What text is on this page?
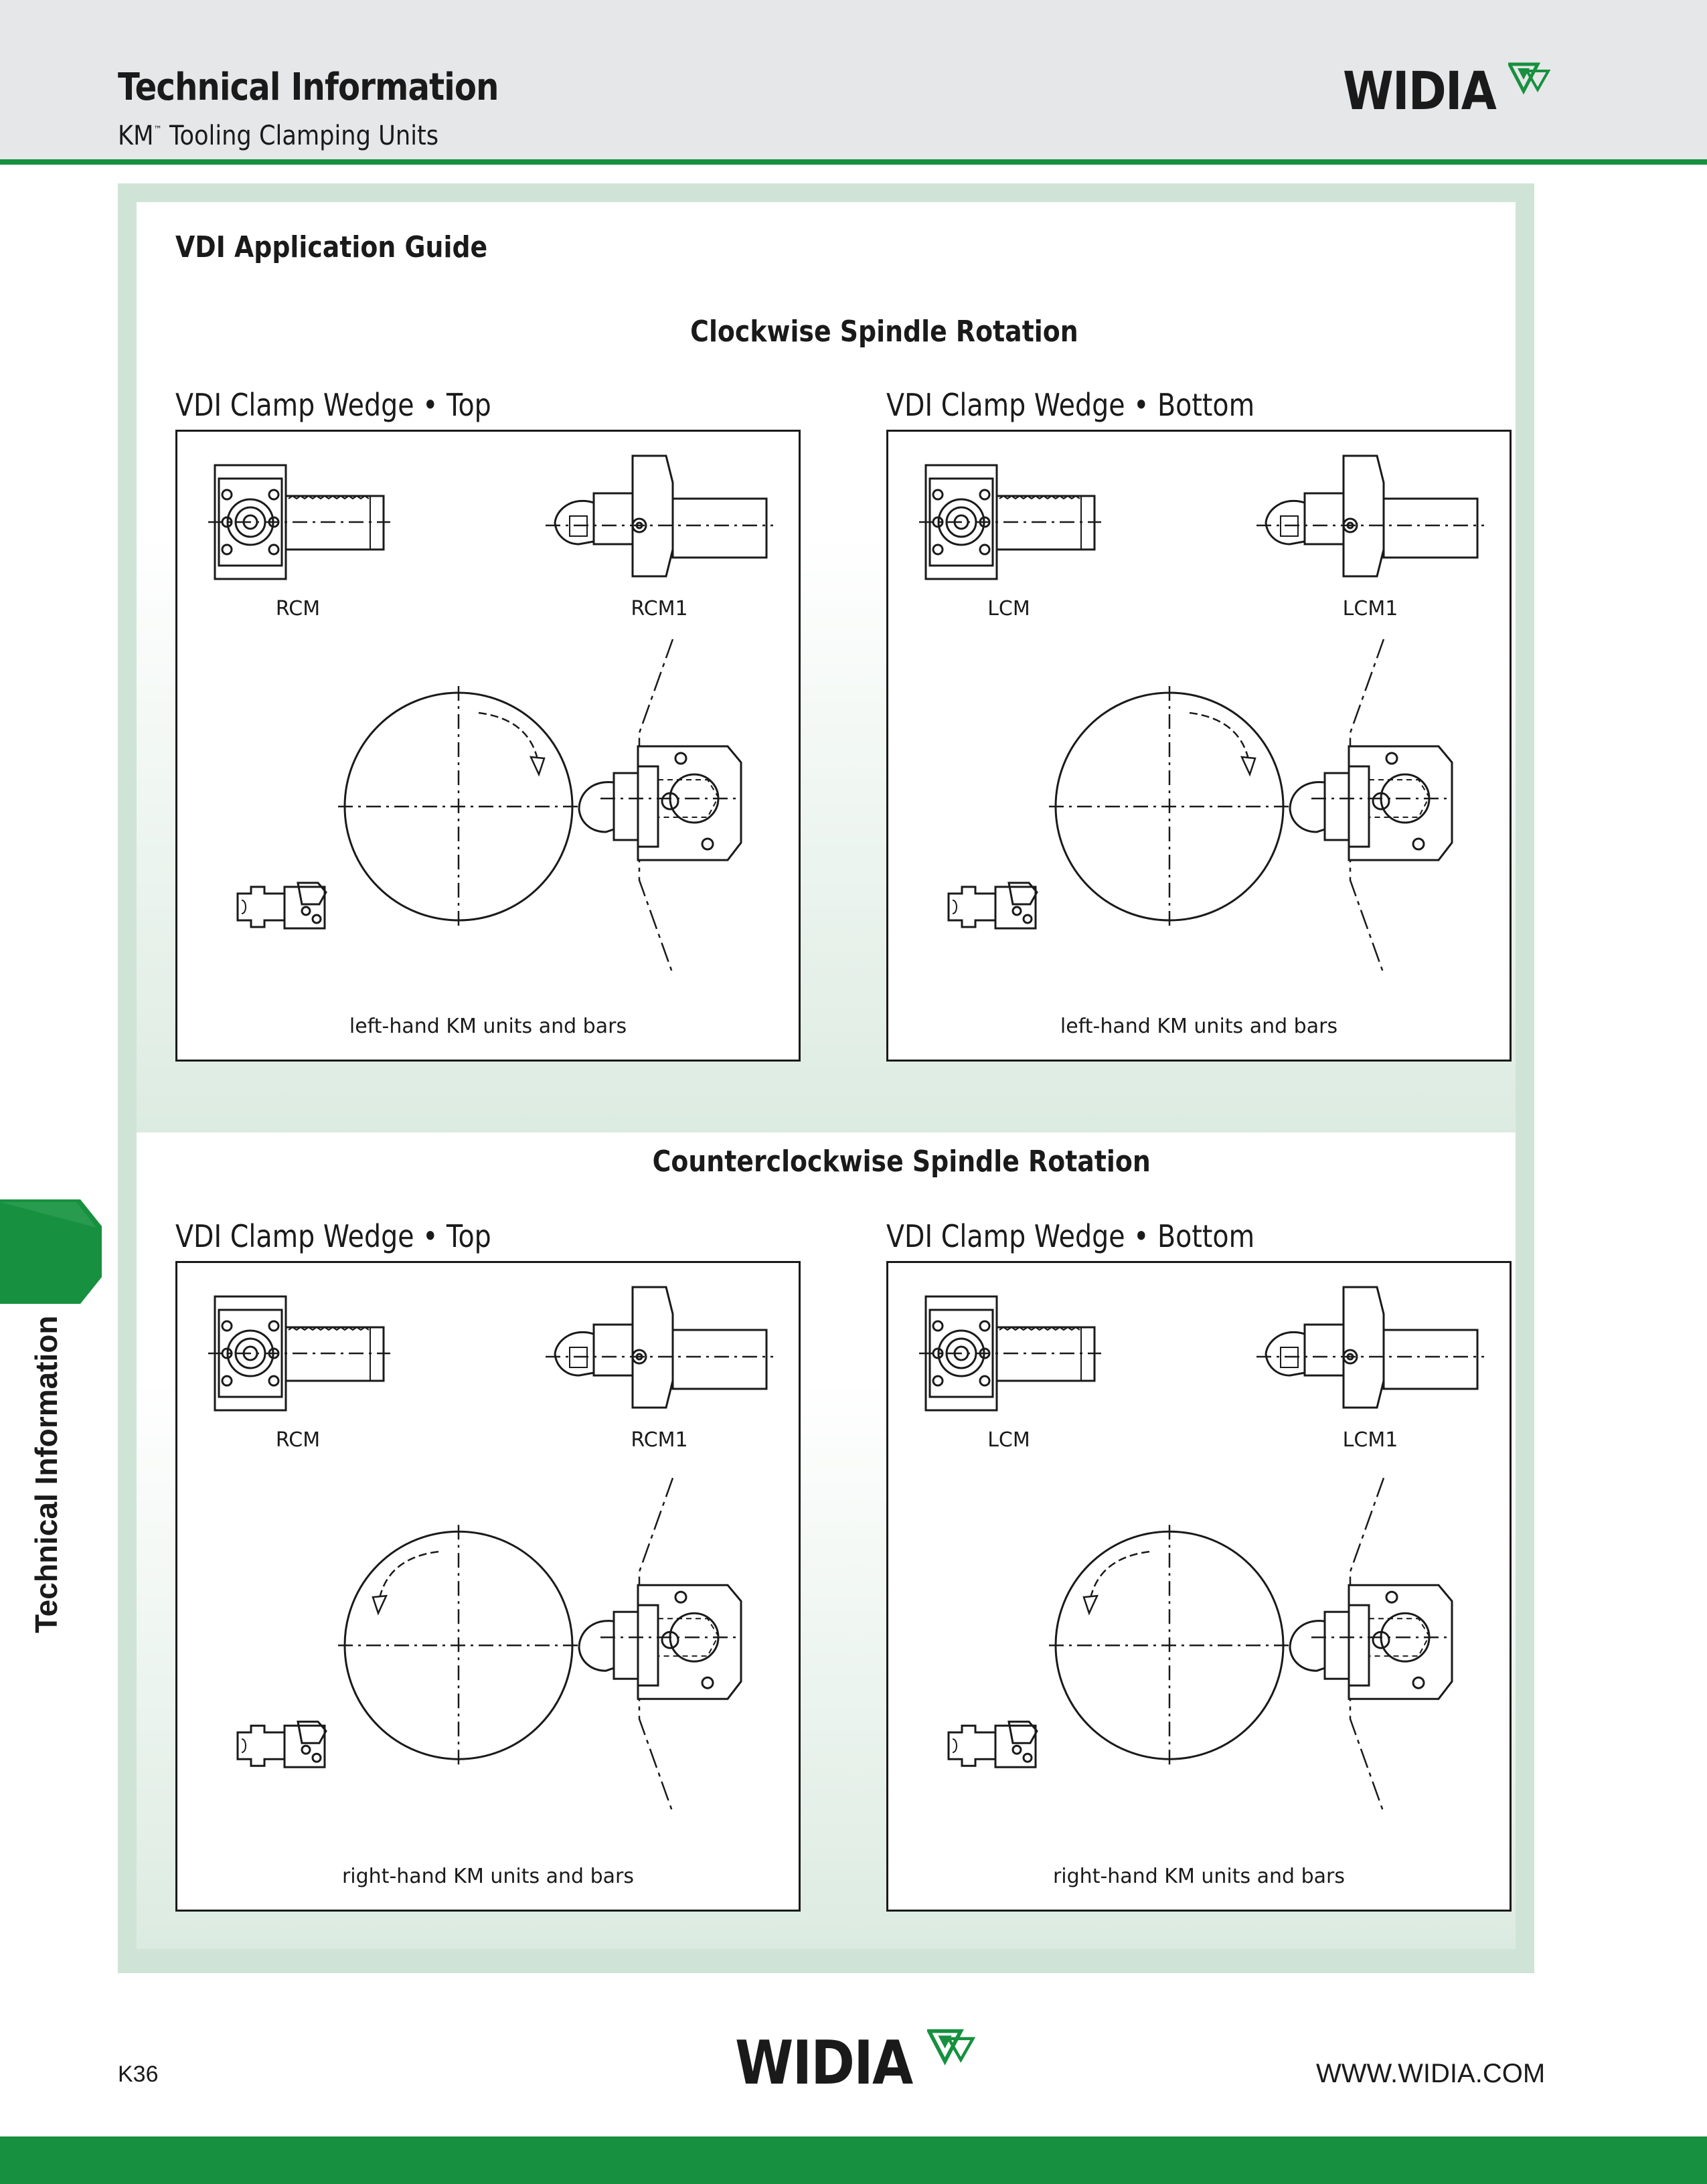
Technical Information
KM™ Tooling Clamping Units
WIDIA
VDI Application Guide
Clockwise Spindle Rotation
VDI Clamp Wedge • Top	VDI Clamp Wedge • Bottom
RCM	RCM1
left-hand KM units and bars
LCM	LCM1
left-hand KM units and bars
Counterclockwise Spindle Rotation
VDI Clamp Wedge • Top	VDI Clamp Wedge • Bottom
RCM	RCM1
right-hand KM units and bars
LCM	LCM1
right-hand KM units and bars
Technical Information
K36	WIDIA	WWW.WIDIA.COM
